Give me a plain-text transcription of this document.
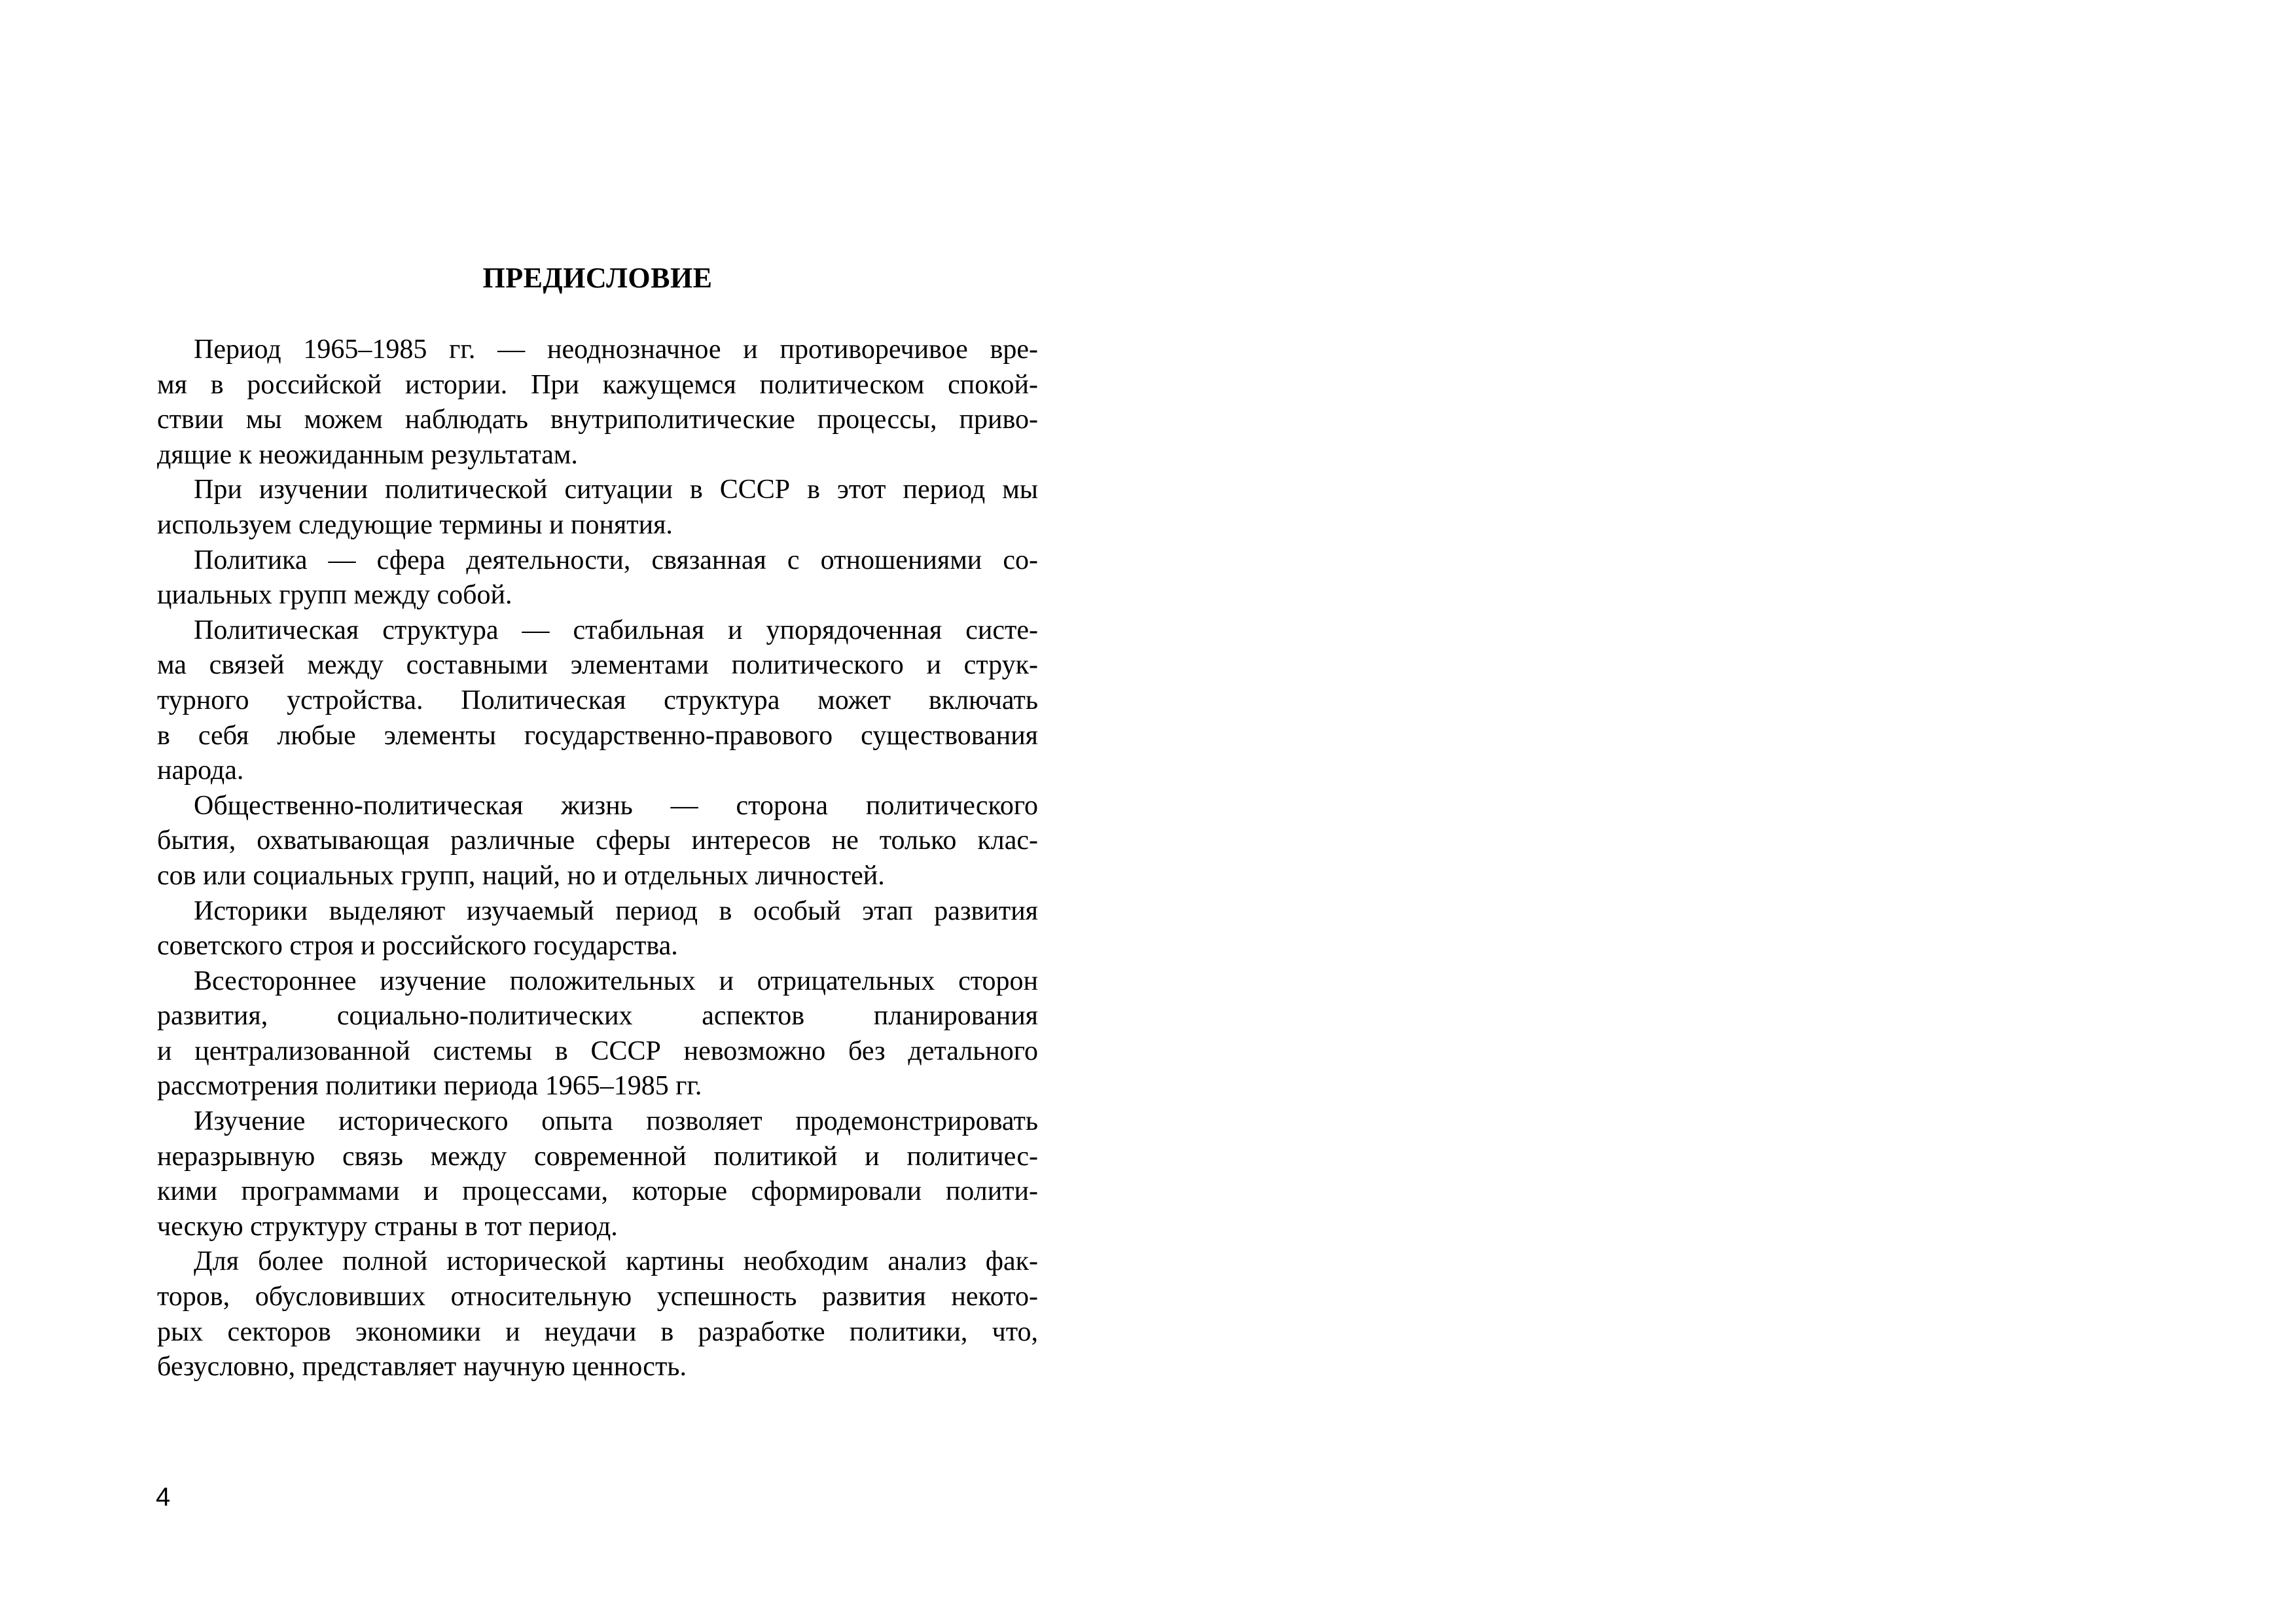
ПРЕДИСЛОВИЕ
Период 1965–1985 гг. — неоднозначное и противоречивое вре-
мя в российской истории. При кажущемся политическом спокой-
ствии мы можем наблюдать внутриполитические процессы, приво-
дящие к неожиданным результатам.
При изучении политической ситуации в СССР в этот период мы
используем следующие термины и понятия.
Политика — сфера деятельности, связанная с отношениями со-
циальных групп между собой.
Политическая структура — стабильная и упорядоченная систе-
ма связей между составными элементами политического и струк-
турного устройства. Политическая структура может включать
в себя любые элементы государственно-правового существования
народа.
Общественно-политическая жизнь — сторона политического
бытия, охватывающая различные сферы интересов не только клас-
сов или социальных групп, наций, но и отдельных личностей.
Историки выделяют изучаемый период в особый этап развития
советского строя и российского государства.
Всестороннее изучение положительных и отрицательных сторон
развития, социально-политических аспектов планирования
и централизованной системы в СССР невозможно без детального
рассмотрения политики периода 1965–1985 гг.
Изучение исторического опыта позволяет продемонстрировать
неразрывную связь между современной политикой и политичес-
кими программами и процессами, которые сформировали полити-
ческую структуру страны в тот период.
Для более полной исторической картины необходим анализ фак-
торов, обусловивших относительную успешность развития некото-
рых секторов экономики и неудачи в разработке политики, что,
безусловно, представляет научную ценность.
4
